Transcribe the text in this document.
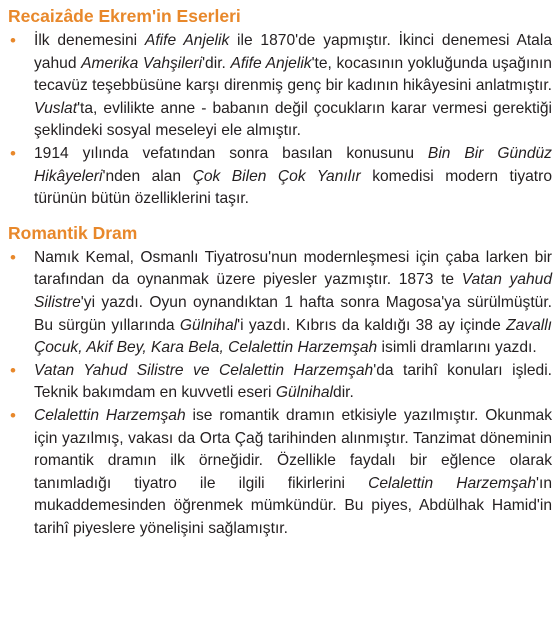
Recaizâde Ekrem'in Eserleri
• İlk denemesini Afife Anjelik ile 1870'de yapmıştır. İkinci denemesi Atala yahud Amerika Vahşileri'dir. Afife Anjelik'te, kocasının yokluğunda uşağının tecavüz teşebbüsüne karşı direnmiş genç bir kadının hikâyesini anlatmıştır. Vuslat'ta, evlilikte anne - babanın değil çocukların karar vermesi gerektiği şeklindeki sosyal meseleyi ele almıştır.
• 1914 yılında vefatından sonra basılan konusunu Bin Bir Gündüz Hikâyeleri'nden alan Çok Bilen Çok Yanılır komedisi modern tiyatro türünün bütün özelliklerini taşır.
Romantik Dram
• Namık Kemal, Osmanlı Tiyatrosu'nun modernleşmesi için çaba larken bir tarafından da oynanmak üzere piyesler yazmıştır. 1873 te Vatan yahud Silistre'yi yazdı. Oyun oynandıktan 1 hafta sonra Magosa'ya sürülmüştür. Bu sürgün yıllarında Gülnihal'i yazdı. Kıbrıs da kaldığı 38 ay içinde Zavallı Çocuk, Akif Bey, Kara Bela, Celalettin Harzemşah isimli dramlarını yazdı.
• Vatan Yahud Silistre ve Celalettin Harzemşah'da tarihî konuları işledi. Teknik bakımdam en kuvvetli eseri Gülnihaldir.
• Celalettin Harzemşah ise romantik dramın etkisiyle yazılmıştır. Okunmak için yazılmış, vakası da Orta Çağ tarihinden alınmıştır. Tanzimat döneminin romantik dramın ilk örneğidir. Özellikle faydalı bir eğlence olarak tanımladığı tiyatro ile ilgili fikirlerini Celalettin Harzemşah'ın mukaddemesinden öğrenmek mümkündür. Bu piyes, Abdülhak Hamid'in tarihî piyeslere yönelişini sağlamıştır.
